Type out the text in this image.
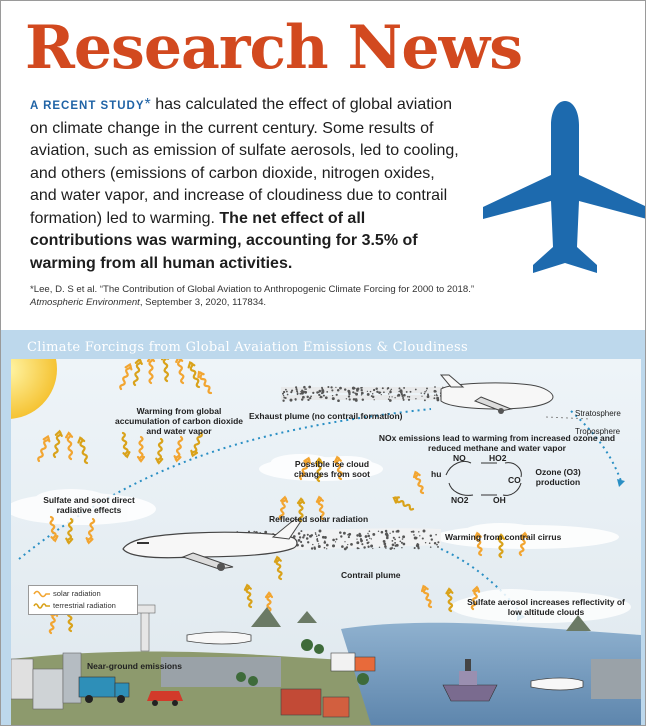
Research News
A RECENT STUDY* has calculated the effect of global aviation on climate change in the current century. Some results of aviation, such as emission of sulfate aerosols, led to cooling, and others (emissions of carbon dioxide, nitrogen oxides, and water vapor, and increase of cloudiness due to contrail formation) led to warming. The net effect of all contributions was warming, accounting for 3.5% of warming from all human activities.
*Lee, D. S et al. “The Contribution of Global Aviation to Anthropogenic Climate Forcing for 2000 to 2018.”
Atmospheric Environment, September 3, 2020, 117834.
Climate Forcings from Global Avaiation Emissions & Cloudiness
hu
NO	HO2
CO
NO2	OH
Warming from global accumulation of carbon dioxide and water vapor
Exhaust plume (no contrail formation)	Stratosphere
Troposphere
NOx emissions lead to warming from increased ozone and reduced methane and water vapor
Possible ice cloud changes from soot	Ozone (O3) production
Sulfate and soot direct radiative effects
Reflected solar radiation
Warming from contrail cirrus
Contrail plume
Sulfate aerosol increases reflectivity of low altitude clouds
Near-ground emissions
solar radiation
terrestrial radiation
